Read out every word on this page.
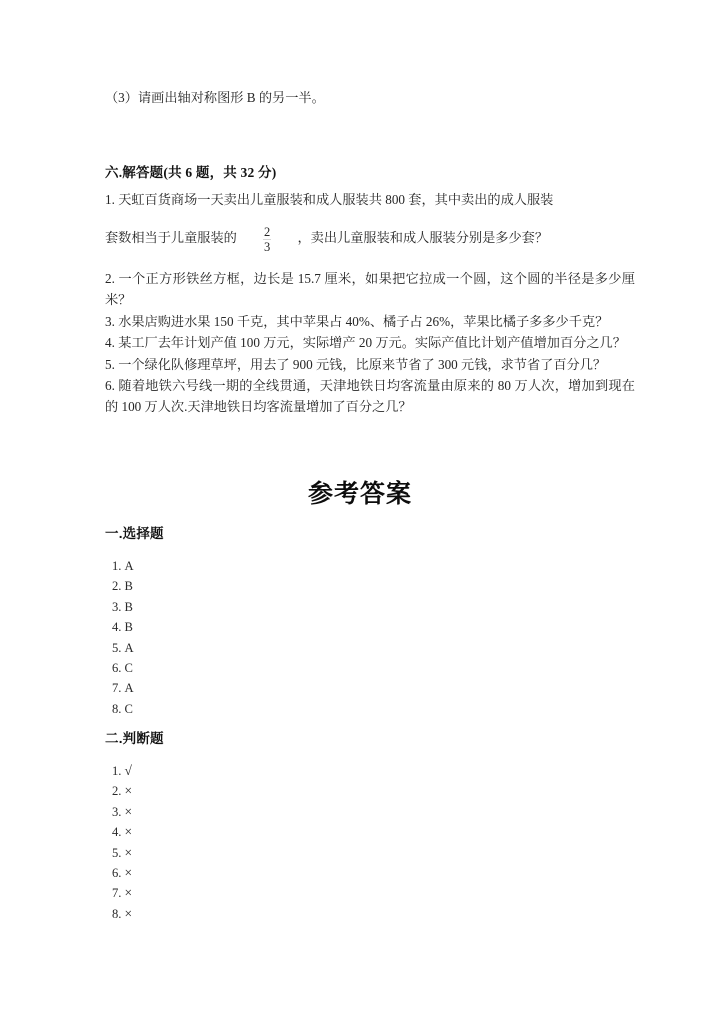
（3）请画出轴对称图形 B 的另一半。
六.解答题(共 6 题，共 32 分)
1. 天虹百货商场一天卖出儿童服装和成人服装共 800 套，其中卖出的成人服装
套数相当于儿童服装的 2
3
，卖出儿童服装和成人服装分别是多少套？
2. 一个正方形铁丝方框，边长是 15.7 厘米，如果把它拉成一个圆，这个圆的半径是多少厘米？
3. 水果店购进水果 150 千克，其中苹果占 40%、橘子占 26%，苹果比橘子多多少千克？
4. 某工厂去年计划产值 100 万元，实际增产 20 万元。实际产值比计划产值增加百分之几？
5. 一个绿化队修理草坪，用去了 900 元钱，比原来节省了 300 元钱，求节省了百分几？
6. 随着地铁六号线一期的全线贯通，天津地铁日均客流量由原来的 80 万人次，增加到现在的 100 万人次.天津地铁日均客流量增加了百分之几？
参考答案
一.选择题
1. A
2. B
3. B
4. B
5. A
6. C
7. A
8. C
二.判断题
1. √
2. ×
3. ×
4. ×
5. ×
6. ×
7. ×
8. ×
